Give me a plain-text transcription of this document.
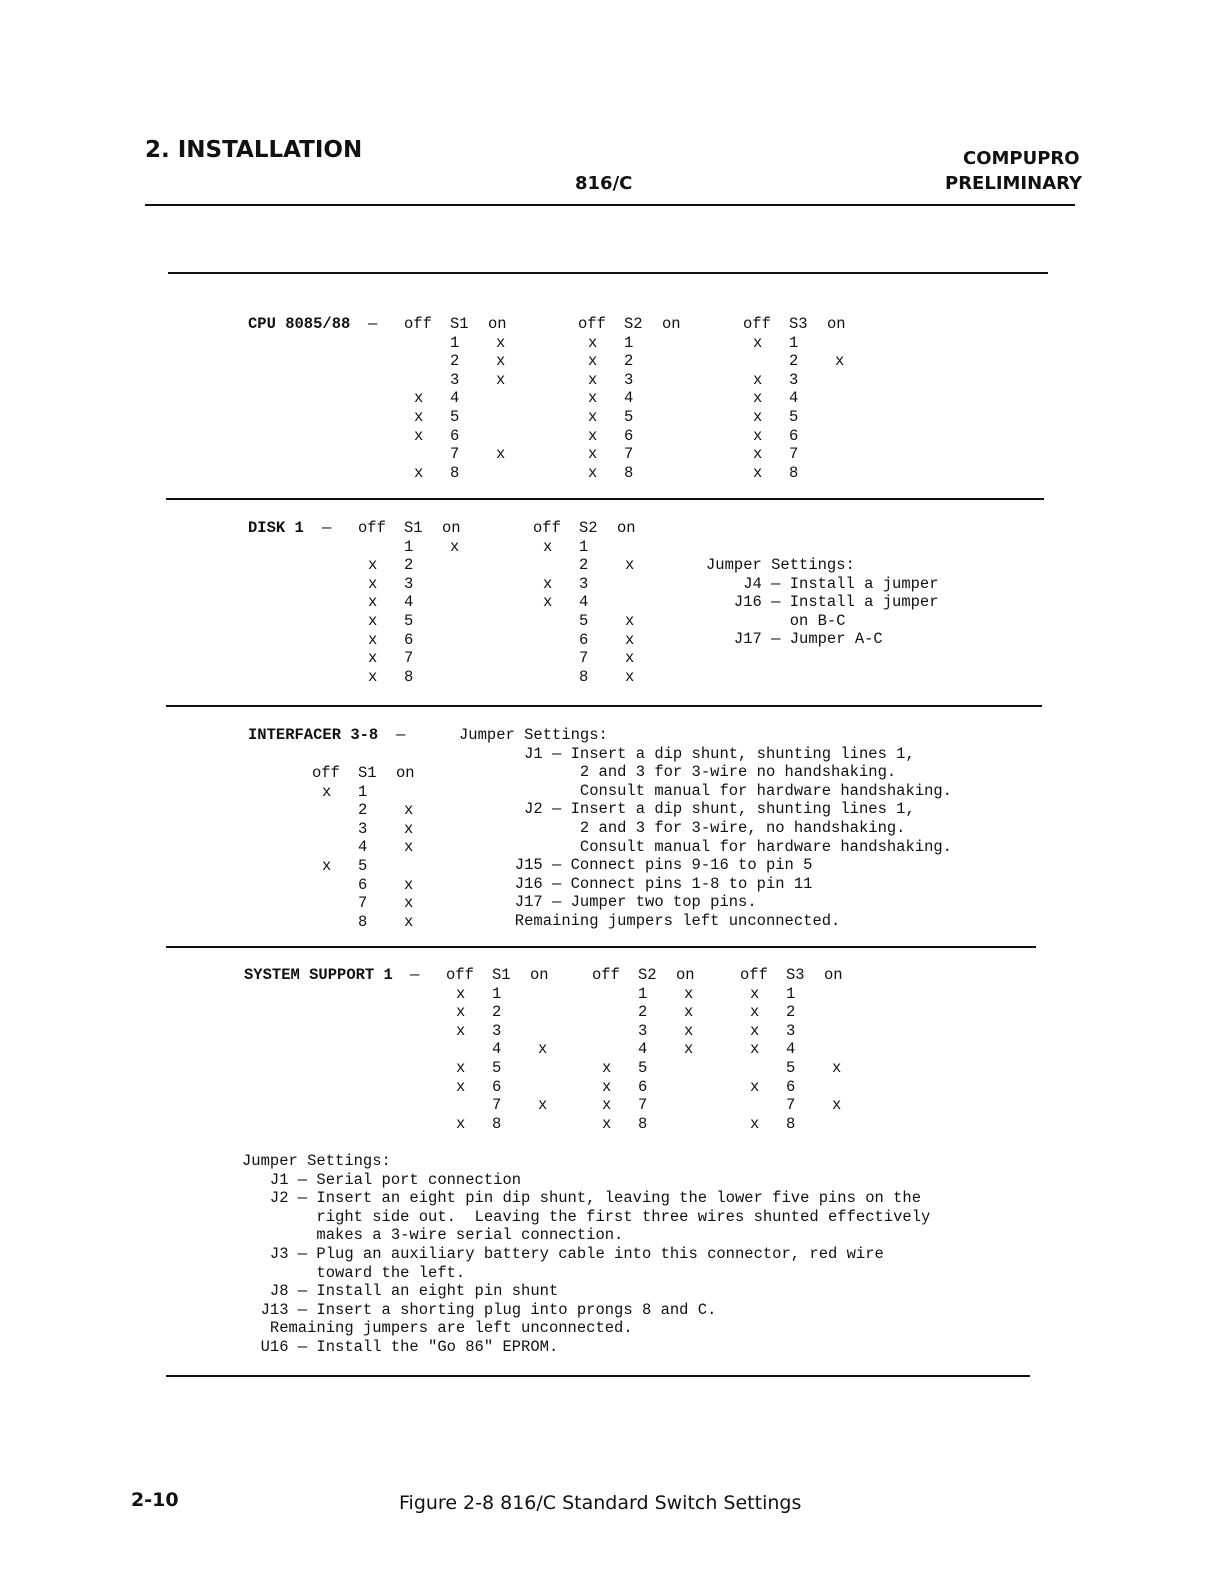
2. INSTALLATION
816/C
COMPUPRO
PRELIMINARY
CPU 8085/88 —
DISK 1 —
Jumper Settings:
J4 — Install a jumper
J16 — Install a jumper
on B-C
J17 — Jumper A-C
INTERFACER 3-8 —	Jumper Settings:
J1 — Insert a dip shunt, shunting lines 1,
2 and 3 for 3-wire no handshaking.
Consult manual for hardware handshaking.
J2 — Insert a dip shunt, shunting lines 1,
2 and 3 for 3-wire, no handshaking.
Consult manual for hardware handshaking.
J15 — Connect pins 9-16 to pin 5
J16 — Connect pins 1-8 to pin 11
J17 — Jumper two top pins.
Remaining jumpers left unconnected.
SYSTEM SUPPORT 1 —
Jumper Settings:
J1 — Serial port connection
J2 — Insert an eight pin dip shunt, leaving the lower five pins on the
right side out.  Leaving the first three wires shunted effectively
makes a 3-wire serial connection.
J3 — Plug an auxiliary battery cable into this connector, red wire
toward the left.
J8 — Install an eight pin shunt
J13 — Insert a shorting plug into prongs 8 and C.
Remaining jumpers are left unconnected.
U16 — Install the "Go 86" EPROM.
2-10	Figure 2-8 816/C Standard Switch Settings
off S1 on
1 x
2 x
3 x
x 4
x 5
x 6
7 x
x 8
off S2 on
x 1
x 2
x 3
x 4
x 5
x 6
x 7
x 8
off S3 on
x 1
2 x
x 3
x 4
x 5
x 6
x 7
x 8
off S1 on
1 x
x 2
x 3
x 4
x 5
x 6
x 7
x 8
off S2 on
x 1
2 x
x 3
x 4
5 x
6 x
7 x
8 x
off S1 on
x 1
2 x
3 x
4 x
x 5
6 x
7 x
8 x
off S1 on
x 1
x 2
x 3
4 x
x 5
x 6
7 x
x 8
off S2 on
1 x
2 x
3 x
4 x
x 5
x 6
x 7
x 8
off S3 on
x 1
x 2
x 3
x 4
5 x
x 6
7 x
x 8
